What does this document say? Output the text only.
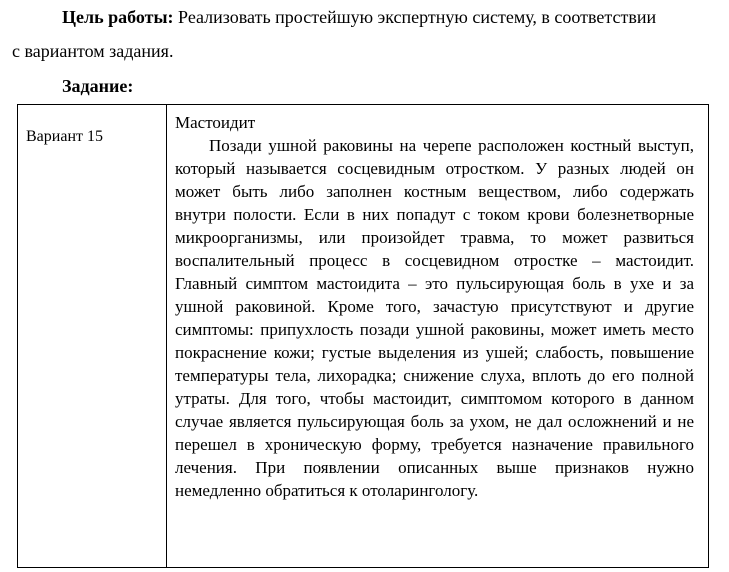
Цель работы: Реализовать простейшую экспертную систему, в соответствии
с вариантом задания.
Задание:
Вариант 15	
Мастоидит

Позади ушной раковины на черепе расположен костный выступ, который называется сосцевидным отростком. У разных людей он может быть либо заполнен костным веществом, либо содержать внутри полости. Если в них попадут с током крови болезнетворные микроорганизмы, или произойдет травма, то может развиться воспалительный процесс в сосцевидном отростке – мастоидит. Главный симптом мастоидита – это пульсирующая боль в ухе и за ушной раковиной. Кроме того, зачастую присутствуют и другие симптомы: припухлость позади ушной раковины, может иметь место покраснение кожи; густые выделения из ушей; слабость, повышение температуры тела, лихорадка; снижение слуха, вплоть до его полной утраты. Для того, чтобы мастоидит, симптомом которого в данном случае является пульсирующая боль за ухом, не дал осложнений и не перешел в хроническую форму, требуется назначение правильного лечения. При появлении описанных выше признаков нужно немедленно обратиться к отоларингологу.
